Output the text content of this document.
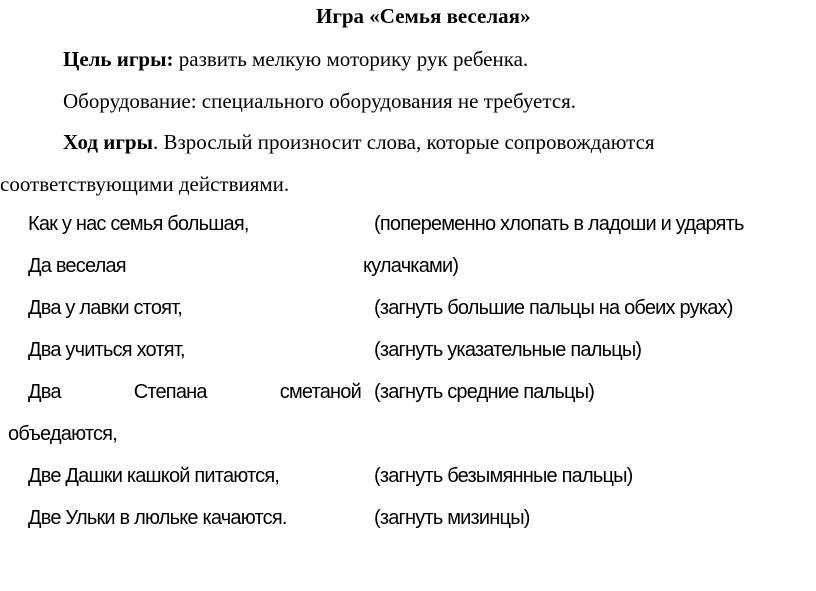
Игра «Семья веселая»
Цель игры: развить мелкую моторику рук ребенка.
Оборудование: специального оборудования не требуется.
Ход игры. Взрослый произносит слова, которые сопровождаются
соответствующими действиями.
Как у нас семья большая,	(попеременно хлопать в ладоши и ударять
Да веселая	кулачками)
Два у лавки стоят,	(загнуть большие пальцы на обеих руках)
Два учиться хотят,	(загнуть указательные пальцы)
Два	Степана	сметаной (загнуть средние пальцы)
объедаются,
Две Дашки кашкой питаются,	(загнуть безымянные пальцы)
Две Ульки в люльке качаются.	(загнуть мизинцы)
